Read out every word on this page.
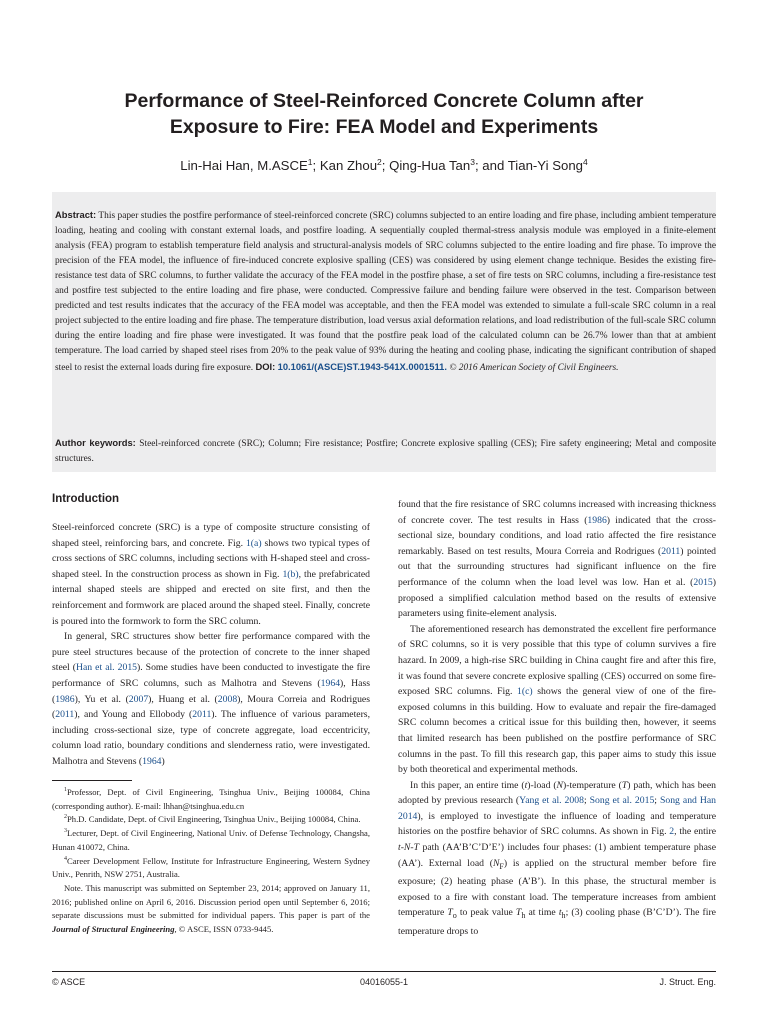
Performance of Steel-Reinforced Concrete Column after
Exposure to Fire: FEA Model and Experiments
Lin-Hai Han, M.ASCE$^1$; Kan Zhou$^2$; Qing-Hua Tan$^3$; and Tian-Yi Song$^4$

Abstract: This paper studies the postfire performance of steel-reinforced concrete (SRC) columns subjected to an entire loading and fire phase, including ambient temperature loading, heating and cooling with constant external loads, and postfire loading. A sequentially coupled thermal-stress analysis module was employed in a finite-element analysis (FEA) program to establish temperature field analysis and structural-analysis models of SRC columns subjected to the entire loading and fire phase. To improve the precision of the FEA model, the influence of fire-induced concrete explosive spalling (CES) was considered by using element change technique. Besides the existing fire-resistance test data of SRC columns, to further validate the accuracy of the FEA model in the postfire phase, a set of fire tests on SRC columns, including a fire-resistance test and postfire test subjected to the entire loading and fire phase, were conducted. Compressive failure and bending failure were observed in the test. Comparison between predicted and test results indicates that the accuracy of the FEA model was acceptable, and then the FEA model was extended to simulate a full-scale SRC column in a real project subjected to the entire loading and fire phase. The temperature distribution, load versus axial deformation relations, and load redistribution of the full-scale SRC column during the entire loading and fire phase were investigated. It was found that the postfire peak load of the calculated column can be 26.7% lower than that at ambient temperature. The load carried by shaped steel rises from 20% to the peak value of 93% during the heating and cooling phase, indicating the significant contribution of shaped steel to resist the external loads during fire exposure. DOI: 10.1061/(ASCE)ST.1943-541X.0001511. © 2016 American Society of Civil Engineers.

Author keywords: Steel-reinforced concrete (SRC); Column; Fire resistance; Postfire; Concrete explosive spalling (CES); Fire safety engineering; Metal and composite structures.

Introduction

Steel-reinforced concrete (SRC) is a type of composite structure consisting of shaped steel, reinforcing bars, and concrete. Fig. 1(a) shows two typical types of cross sections of SRC columns, including sections with H-shaped steel and cross-shaped steel. In the construction process as shown in Fig. 1(b), the prefabricated internal shaped steels are shipped and erected on site first, and then the reinforcement and formwork are placed around the shaped steel. Finally, concrete is poured into the formwork to form the SRC column.

In general, SRC structures show better fire performance compared with the pure steel structures because of the protection of concrete to the inner shaped steel (Han et al. 2015). Some studies have been conducted to investigate the fire performance of SRC columns, such as Malhotra and Stevens (1964), Hass (1986), Yu et al. (2007), Huang et al. (2008), Moura Correia and Rodrigues (2011), and Young and Ellobody (2011). The influence of various parameters, including cross-sectional size, type of concrete aggregate, load eccentricity, column load ratio, boundary conditions and slenderness ratio, were investigated. Malhotra and Stevens (1964)

$^1$Professor, Dept. of Civil Engineering, Tsinghua Univ., Beijing 100084, China (corresponding author). E-mail: lhhan@tsinghua.edu.cn

$^2$Ph.D. Candidate, Dept. of Civil Engineering, Tsinghua Univ., Beijing 100084, China.

$^3$Lecturer, Dept. of Civil Engineering, National Univ. of Defense Technology, Changsha, Hunan 410072, China.

$^4$Career Development Fellow, Institute for Infrastructure Engineering, Western Sydney Univ., Penrith, NSW 2751, Australia.

Note. This manuscript was submitted on September 23, 2014; approved on January 11, 2016; published online on April 6, 2016. Discussion period open until September 6, 2016; separate discussions must be submitted for individual papers. This paper is part of the Journal of Structural Engineering, © ASCE, ISSN 0733-9445.

found that the fire resistance of SRC columns increased with increasing thickness of concrete cover. The test results in Hass (1986) indicated that the cross-sectional size, boundary conditions, and load ratio affected the fire resistance remarkably. Based on test results, Moura Correia and Rodrigues (2011) pointed out that the surrounding structures had significant influence on the fire performance of the column when the load level was low. Han et al. (2015) proposed a simplified calculation method based on the results of extensive parameters using finite-element analysis.

The aforementioned research has demonstrated the excellent fire performance of SRC columns, so it is very possible that this type of column survives a fire hazard. In 2009, a high-rise SRC building in China caught fire and after this fire, it was found that severe concrete explosive spalling (CES) occurred on some fire-exposed SRC columns. Fig. 1(c) shows the general view of one of the fire-exposed columns in this building. How to evaluate and repair the fire-damaged SRC column becomes a critical issue for this building then, however, it seems that limited research has been published on the postfire performance of SRC columns in the past. To fill this research gap, this paper aims to study this issue by both theoretical and experimental methods.

In this paper, an entire time (t)-load (N)-temperature (T) path, which has been adopted by previous research (Yang et al. 2008; Song et al. 2015; Song and Han 2014), is employed to investigate the influence of loading and temperature histories on the postfire behavior of SRC columns. As shown in Fig. 2, the entire t-N-T path (AA’B’C’D’E’) includes four phases: (1) ambient temperature phase (AA’). External load $(N_F)$ is applied on the structural member before fire exposure; (2) heating phase (A’B’). In this phase, the structural member is exposed to a fire with constant load. The temperature increases from ambient temperature $T_o$ to peak value $T_h$ at time $t_h$; (3) cooling phase (B’C’D’). The fire temperature drops to

© ASCE	04016055-1	J. Struct. Eng.
